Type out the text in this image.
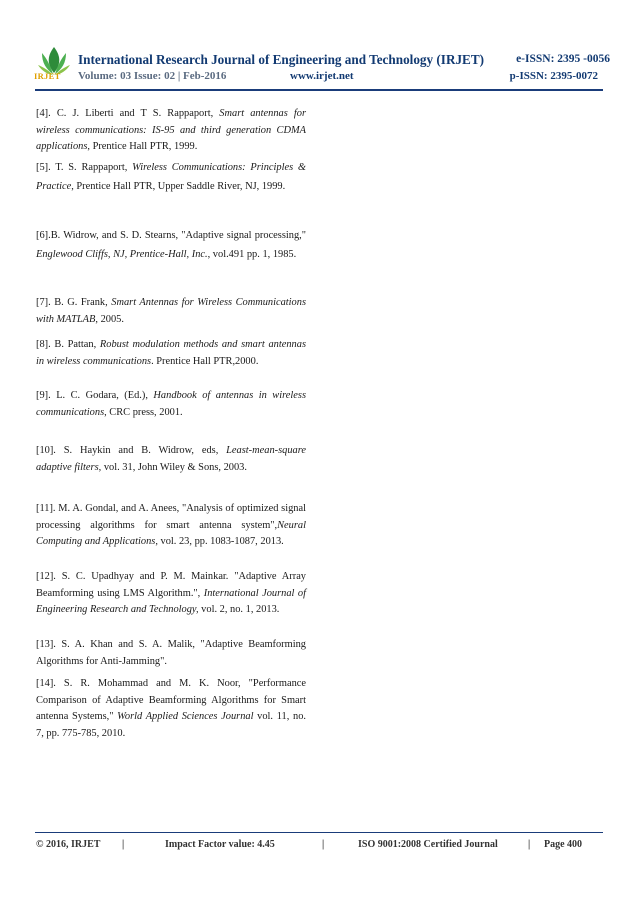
IRJET
International Research Journal of Engineering and Technology (IRJET)	e-ISSN: 2395 -0056
Volume: 03 Issue: 02 | Feb-2016	www.irjet.net	p-ISSN: 2395-0072

[4]. C. J. Liberti and T S. Rappaport, Smart antennas for wireless communications: IS-95 and third generation CDMA applications, Prentice Hall PTR, 1999.

[5]. T. S. Rappaport, Wireless Communications: Principles & Practice, Prentice Hall PTR, Upper Saddle River, NJ, 1999.

[6].B. Widrow, and S. D. Stearns, "Adaptive signal processing," Englewood Cliffs, NJ, Prentice-Hall, Inc., vol.491 pp. 1, 1985.

[7]. B. G. Frank, Smart Antennas for Wireless Communications with MATLAB, 2005.

[8]. B. Pattan, Robust modulation methods and smart antennas in wireless communications. Prentice Hall PTR,2000.

[9]. L. C. Godara, (Ed.), Handbook of antennas in wireless communications, CRC press, 2001.

[10]. S. Haykin and B. Widrow, eds, Least-mean-square adaptive filters, vol. 31, John Wiley & Sons, 2003.

[11]. M. A. Gondal, and A. Anees, "Analysis of optimized signal processing algorithms for smart antenna system",Neural Computing and Applications, vol. 23, pp. 1083-1087, 2013.

[12]. S. C. Upadhyay and P. M. Mainkar. "Adaptive Array Beamforming using LMS Algorithm.", International Journal of Engineering Research and Technology, vol. 2, no. 1, 2013.

[13]. S. A. Khan and S. A. Malik, "Adaptive Beamforming Algorithms for Anti-Jamming".

[14]. S. R. Mohammad and M. K. Noor, "Performance Comparison of Adaptive Beamforming Algorithms for Smart antenna Systems," World Applied Sciences Journal vol. 11, no. 7, pp. 775-785, 2010.

© 2016, IRJET |	Impact Factor value: 4.45	|	ISO 9001:2008 Certified Journal	| Page 400
